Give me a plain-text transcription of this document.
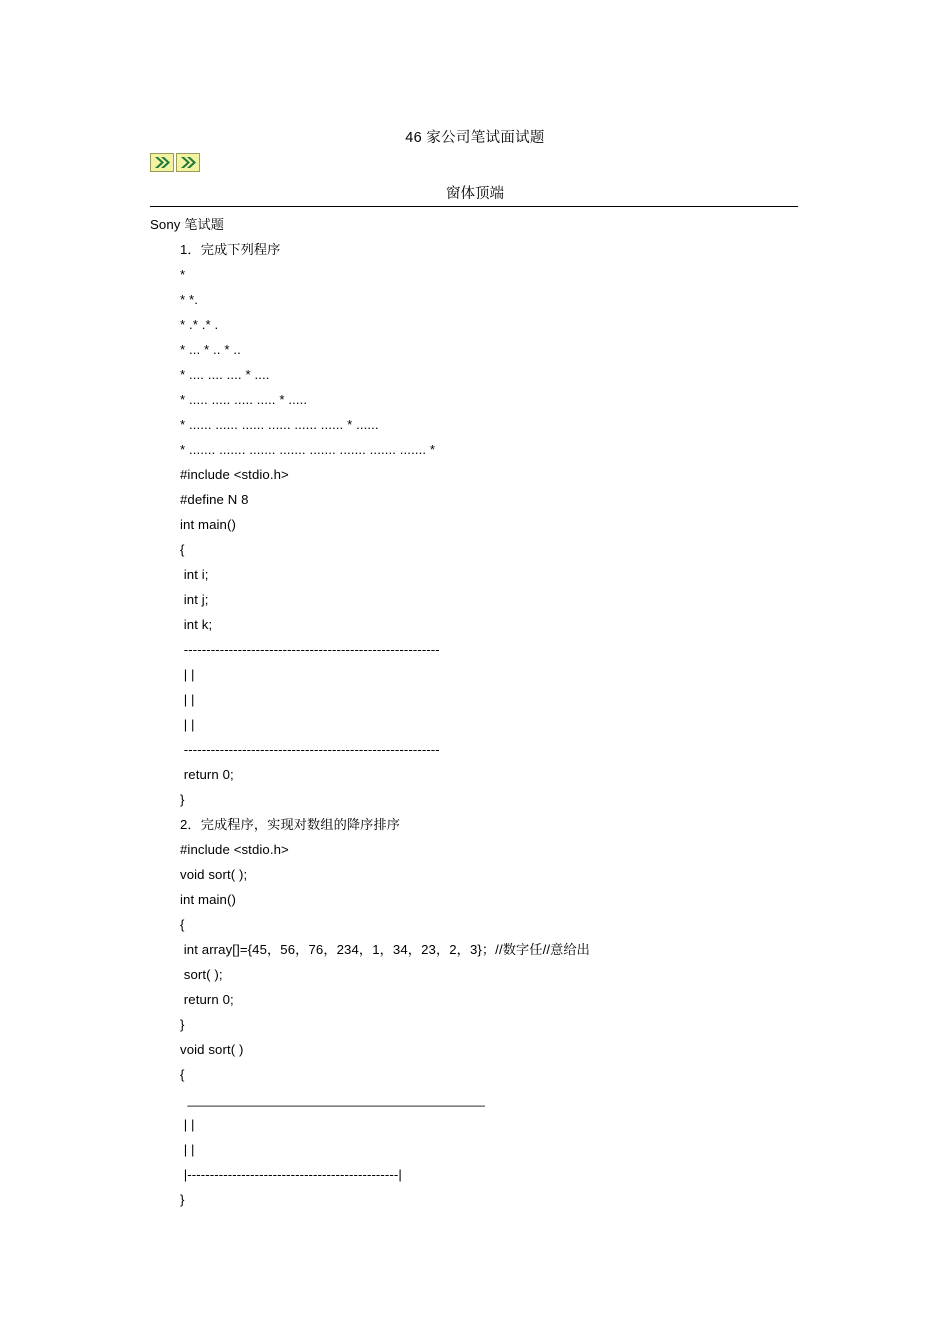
46 家公司笔试面试题
窗体顶端
Sony 笔试题
1．完成下列程序
*
* *.
* .* .* .
* ... * .. * ..
* .... .... .... * ....
* ..... ..... ..... ..... * .....
* ...... ...... ...... ...... ...... ...... * ......
* ....... ....... ....... ....... ....... ....... ....... ....... *
#include <stdio.h>
#define N 8
int main()
{
int i;
int j;
int k;
---------------------------------------------------------
| |
| |
| |
---------------------------------------------------------
return 0;
}
2．完成程序，实现对数组的降序排序
#include <stdio.h>
void sort( );
int main()
{
int array[]={45，56，76，234，1，34，23，2，3}；//数字任//意给出
sort( );
return 0;
}
void sort( )
{
________________________________________
| |
| |
|-----------------------------------------------|
}
